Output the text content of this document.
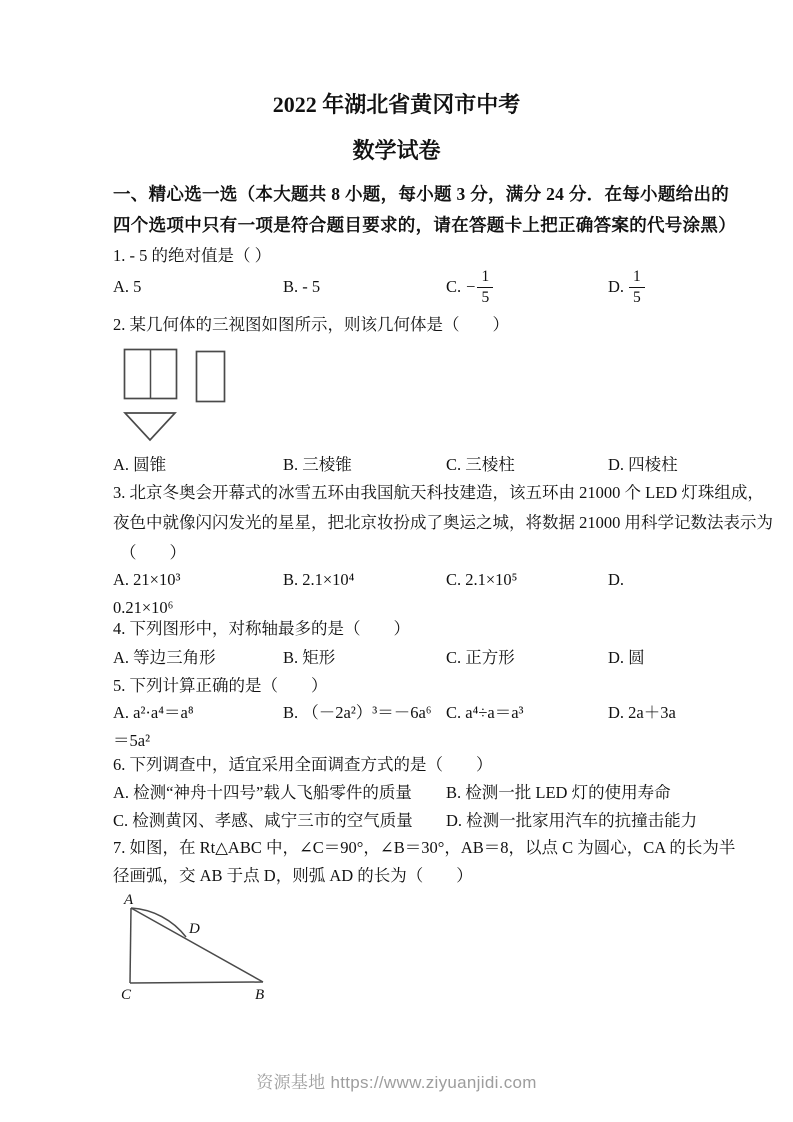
2022 年湖北省黄冈市中考
数学试卷
一、精心选一选（本大题共 8 小题，每小题 3 分，满分 24 分．在每小题给出的
四个选项中只有一项是符合题目要求的，请在答题卡上把正确答案的代号涂黑）
1. - 5 的绝对值是（ ）
A. 5	B. - 5	C. − $\frac{1}{5}$	D. $\frac{1}{5}$
2. 某几何体的三视图如图所示，则该几何体是（　　）
A. 圆锥	B. 三棱锥	C. 三棱柱	D. 四棱柱
3. 北京冬奥会开幕式的冰雪五环由我国航天科技建造，该五环由 21000 个 LED 灯珠组成，
夜色中就像闪闪发光的星星，把北京妆扮成了奥运之城，将数据 21000 用科学记数法表示为
（　　）
A. 21×10³	B. 2.1×10⁴	C. 2.1×10⁵	D.
0.21×10⁶
4. 下列图形中，对称轴最多的是（　　）
A. 等边三角形	B. 矩形	C. 正方形	D. 圆
5. 下列计算正确的是（　　）
A. a²·a⁴＝a⁸	B. （－2a²）³＝－6a⁶ C. a⁴÷a＝a³	D. 2a＋3a
＝5a²
6. 下列调查中，适宜采用全面调查方式的是（　　）
A. 检测“神舟十四号”载人飞船零件的质量	B. 检测一批 LED 灯的使用寿命
C. 检测黄冈、孝感、咸宁三市的空气质量	D. 检测一批家用汽车的抗撞击能力
7. 如图，在 Rt△ABC 中，∠C＝90°，∠B＝30°，AB＝8，以点 C 为圆心，CA 的长为半
径画弧，交 AB 于点 D，则弧 AD 的长为（　　）
A
D
C	B
资源基地 https://www.ziyuanjidi.com
